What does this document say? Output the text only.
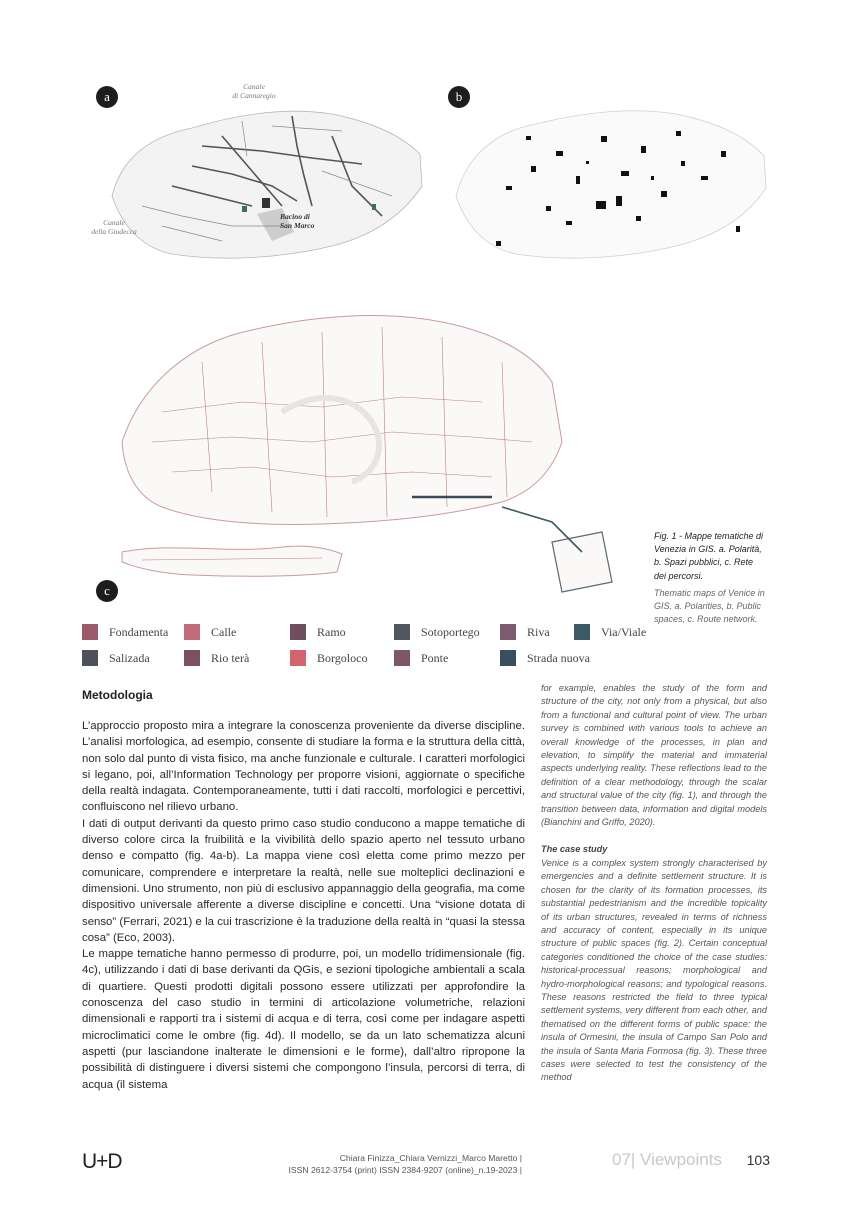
a
Canale
di Cannaregio
Canale
della Giudecca
Bacino di
San Marco
b
c
Fondamenta	Calle	Ramo	Sotoportego	Riva	Via/Viale
Salizada	Rio terà	Borgoloco	Ponte	Strada nuova
Fig. 1 - Mappe tematiche di Venezia in GIS. a. Polarità, b. Spazi pubblici, c. Rete dei percorsi.
Thematic maps of Venice in GIS. a. Polarities, b. Public spaces, c. Route network.
Metodologia

L’approccio proposto mira a integrare la conoscenza proveniente da diverse discipline. L’analisi morfologica, ad esempio, consente di studiare la forma e la struttura della città, non solo dal punto di vista fisico, ma anche funzionale e culturale. I caratteri morfologici si legano, poi, all’Information Technology per proporre visioni, aggiornate o specifiche della realtà indagata. Contemporaneamente, tutti i dati raccolti, morfologici e percettivi, confluiscono nel rilievo urbano.

I dati di output derivanti da questo primo caso studio conducono a mappe tematiche di diverso colore circa la fruibilità e la vivibilità dello spazio aperto nel tessuto urbano denso e compatto (fig. 4a-b). La mappa viene così eletta come primo mezzo per comunicare, comprendere e interpretare la realtà, nelle sue molteplici declinazioni e dimensioni. Uno strumento, non più di esclusivo appannaggio della geografia, ma come dispositivo universale afferente a diverse discipline e concetti. Una “visione dotata di senso” (Ferrari, 2021) e la cui trascrizione è la traduzione della realtà in “quasi la stessa cosa” (Eco, 2003).

Le mappe tematiche hanno permesso di produrre, poi, un modello tridimensionale (fig. 4c), utilizzando i dati di base derivanti da QGis, e sezioni tipologiche ambientali a scala di quartiere. Questi prodotti digitali possono essere utilizzati per approfondire la conoscenza del caso studio in termini di articolazione volumetriche, relazioni dimensionali e rapporti tra i sistemi di acqua e di terra, così come per indagare aspetti microclimatici come le ombre (fig. 4d). Il modello, se da un lato schematizza alcuni aspetti (pur lasciandone inalterate le dimensioni e le forme), dall’altro ripropone la possibilità di distinguere i diversi sistemi che compongono l’insula, percorsi di terra, di acqua (il sistema

for example, enables the study of the form and structure of the city, not only from a physical, but also from a functional and cultural point of view. The urban survey is combined with various tools to achieve an overall knowledge of the processes, in plan and elevation, to simplify the material and immaterial aspects underlying reality. These reflections lead to the definition of a clear methodology, through the scalar and structural value of the city (fig. 1), and through the transition between data, information and digital models (Bianchini and Griffo, 2020).

The case study

Venice is a complex system strongly characterised by emergencies and a definite settlement structure. It is chosen for the clarity of its formation processes, its substantial pedestrianism and the incredible topicality of its urban structures, revealed in terms of richness and accuracy of content, especially in its unique structure of public spaces (fig. 2). Certain conceptual categories conditioned the choice of the case studies: historical-processual reasons; morphological and hydro-morphological reasons; and typological reasons. These reasons restricted the field to three typical settlement systems, very different from each other, and thematised on the different forms of public space: the insula of Ormesini, the insula of Campo San Polo and the insula of Santa Maria Formosa (fig. 3). These three cases were selected to test the consistency of the method

U+D	Chiara Finizza_Chiara Vernizzi_Marco Maretto |
ISSN 2612-3754 (print) ISSN 2384-9207 (online)_n.19-2023 |
07| Viewpoints	103
